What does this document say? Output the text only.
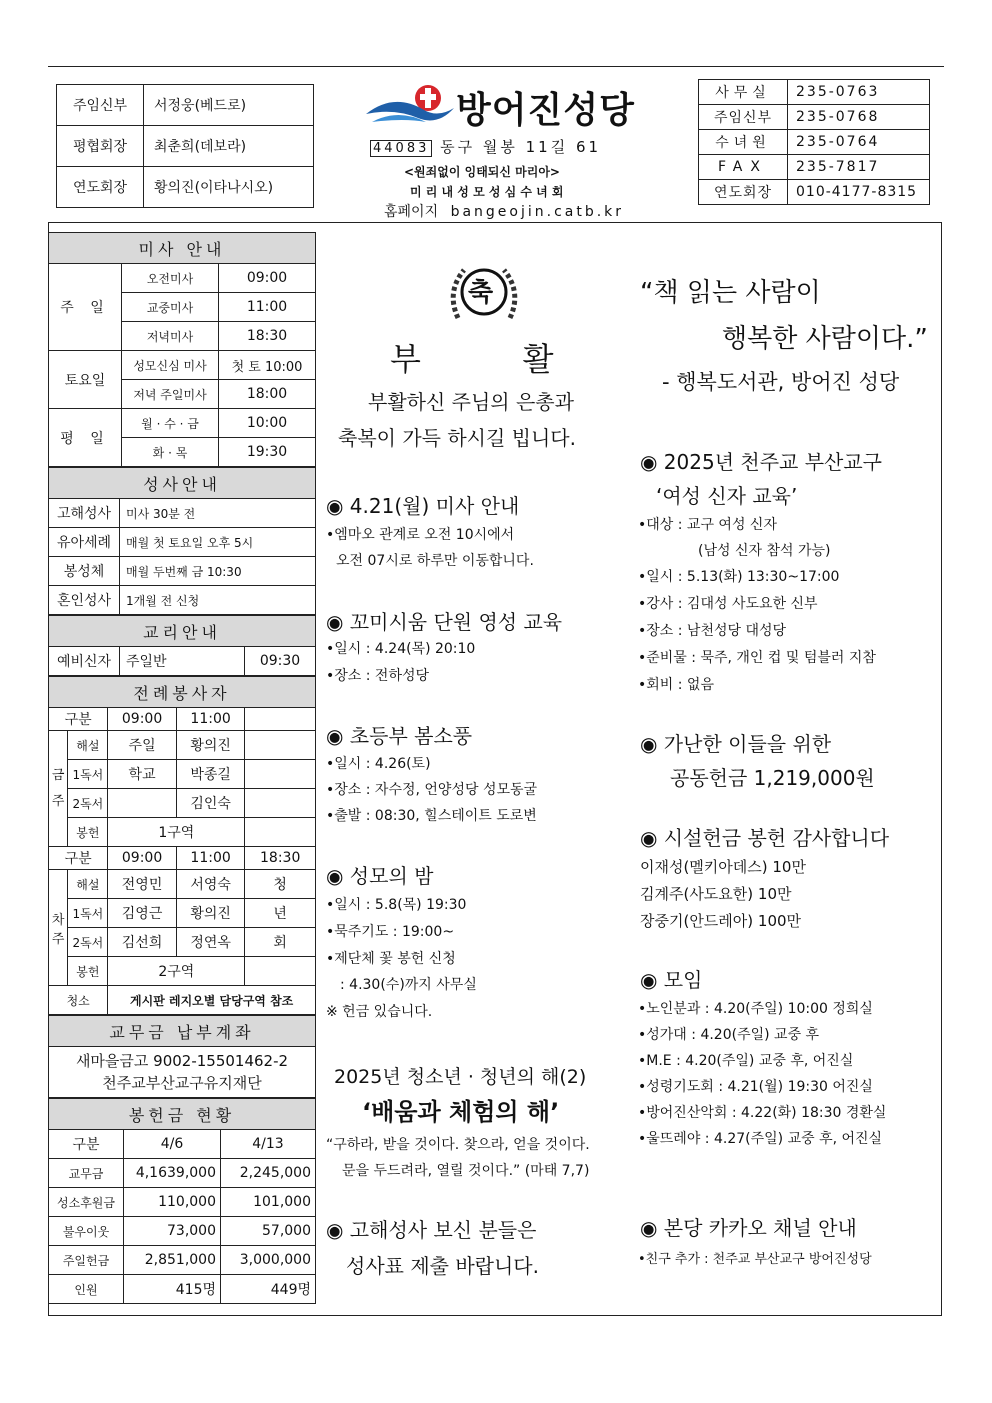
주임신부	서정웅(베드로)
평협회장	최춘희(데보라)
연도회장	황의진(이타나시오)
방어진성당
44083 동구 월봉 11길 61
<원죄없이 잉태되신 마리아>
미 리 내 성 모 성 심 수 녀 회
홈페이지 bangeojin.catb.kr
사무실	235-0763
주임신부	235-0768
수녀원	235-0764
FAX	235-7817
연도회장	010-4177-8315
미사 안내		
주 일	오전미사	09:00
	교중미사	11:00
	저녁미사	18:30
토요일	성모신심 미사	첫 토 10:00
	저녁 주일미사	18:00
평 일	월 · 수 · 금	10:00
	화 · 목	19:30
성사안내	
고해성사	미사 30분 전
유아세례	매월 첫 토요일 오후 5시
봉성체	매월 두번째 금 10:30
혼인성사	1개월 전 신청
교리안내
예비신자	주일반	09:30
전례봉사자				
구분		09:00	11:00	
금주	해설	주일	황의진	
	1독서	학교	박종길	
	2독서		김인숙	
	봉헌	1구역		
구분		09:00	11:00	18:30
차주	해설	전영민	서영숙	청
	1독서	김영근	황의진	년
	2독서	김선희	정연옥	회
	봉헌	2구역		
청소		게시판 레지오별 담당구역 참조		
교무금 납부계좌
새마을금고 9002-15501462-2
천주교부산교구유지재단
봉헌금 현황		
구분	4/6	4/13
교무금	4,1639,000	2,245,000
성소후원금	110,000	101,000
불우이웃	73,000	57,000
주일헌금	2,851,000	3,000,000
인원	415명	449명
축
부          활
부활하신 주님의 은총과
축복이 가득 하시길 빕니다.
◉ 4.21(월) 미사 안내
•엠마오 관계로 오전 10시에서
오전 07시로 하루만 이동합니다.
◉ 꼬미시움 단원 영성 교육
•일시 : 4.24(목) 20:10
•장소 : 전하성당
◉ 초등부 봄소풍
•일시 : 4.26(토)
•장소 : 자수정, 언양성당 성모동굴
•출발 : 08:30, 힐스테이트 도로변
◉ 성모의 밤
•일시 : 5.8(목) 19:30
•묵주기도 : 19:00~
•제단체 꽃 봉헌 신청
: 4.30(수)까지 사무실
※ 헌금 있습니다.
2025년 청소년 · 청년의 해(2)
‘배움과 체험의 해’
“구하라, 받을 것이다. 찾으라, 얻을 것이다.
문을 두드려라, 열릴 것이다.” (마태 7,7)
◉ 고해성사 보신 분들은
성사표 제출 바랍니다.
“책 읽는 사람이
행복한 사람이다.”
- 행복도서관, 방어진 성당
◉ 2025년 천주교 부산교구
‘여성 신자 교육’
•대상 : 교구 여성 신자
(남성 신자 참석 가능)
•일시 : 5.13(화) 13:30~17:00
•강사 : 김대성 사도요한 신부
•장소 : 남천성당 대성당
•준비물 : 묵주, 개인 컵 및 텀블러 지참
•회비 : 없음
◉ 가난한 이들을 위한
공동헌금 1,219,000원
◉ 시설헌금 봉헌 감사합니다
이재성(멜키아데스) 10만
김계주(사도요한) 10만
장중기(안드레아) 100만
◉ 모임
•노인분과 : 4.20(주일) 10:00 정희실
•성가대 : 4.20(주일) 교중 후
•M.E : 4.20(주일) 교중 후, 어진실
•성령기도회 : 4.21(월) 19:30 어진실
•방어진산악회 : 4.22(화) 18:30 경환실
•울뜨레야 : 4.27(주일) 교중 후, 어진실
◉ 본당 카카오 채널 안내
•친구 추가 : 천주교 부산교구 방어진성당
